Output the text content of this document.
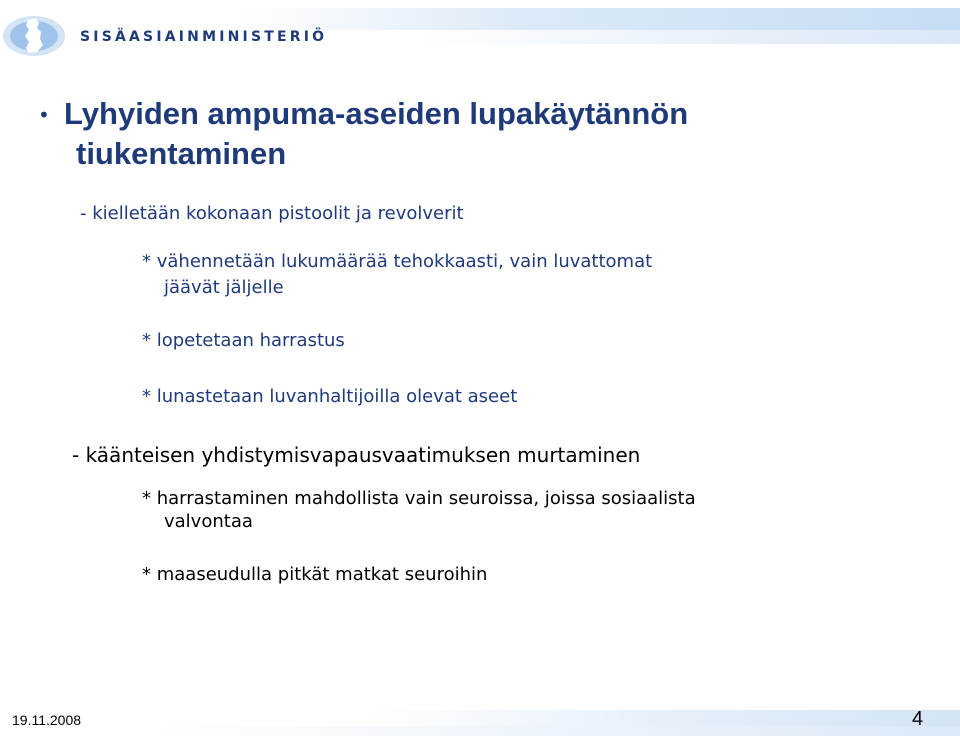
SISÄASIAINMINISTERIÖ
• Lyhyiden ampuma-aseiden lupakäytännön
tiukentaminen
- kielletään kokonaan pistoolit ja revolverit
* vähennetään lukumäärää tehokkaasti, vain luvattomat
jäävät jäljelle
* lopetetaan harrastus
* lunastetaan luvanhaltijoilla olevat aseet
- käänteisen yhdistymisvapausvaatimuksen murtaminen
* harrastaminen mahdollista vain seuroissa, joissa sosiaalista
valvontaa
* maaseudulla pitkät matkat seuroihin
19.11.2008	4
